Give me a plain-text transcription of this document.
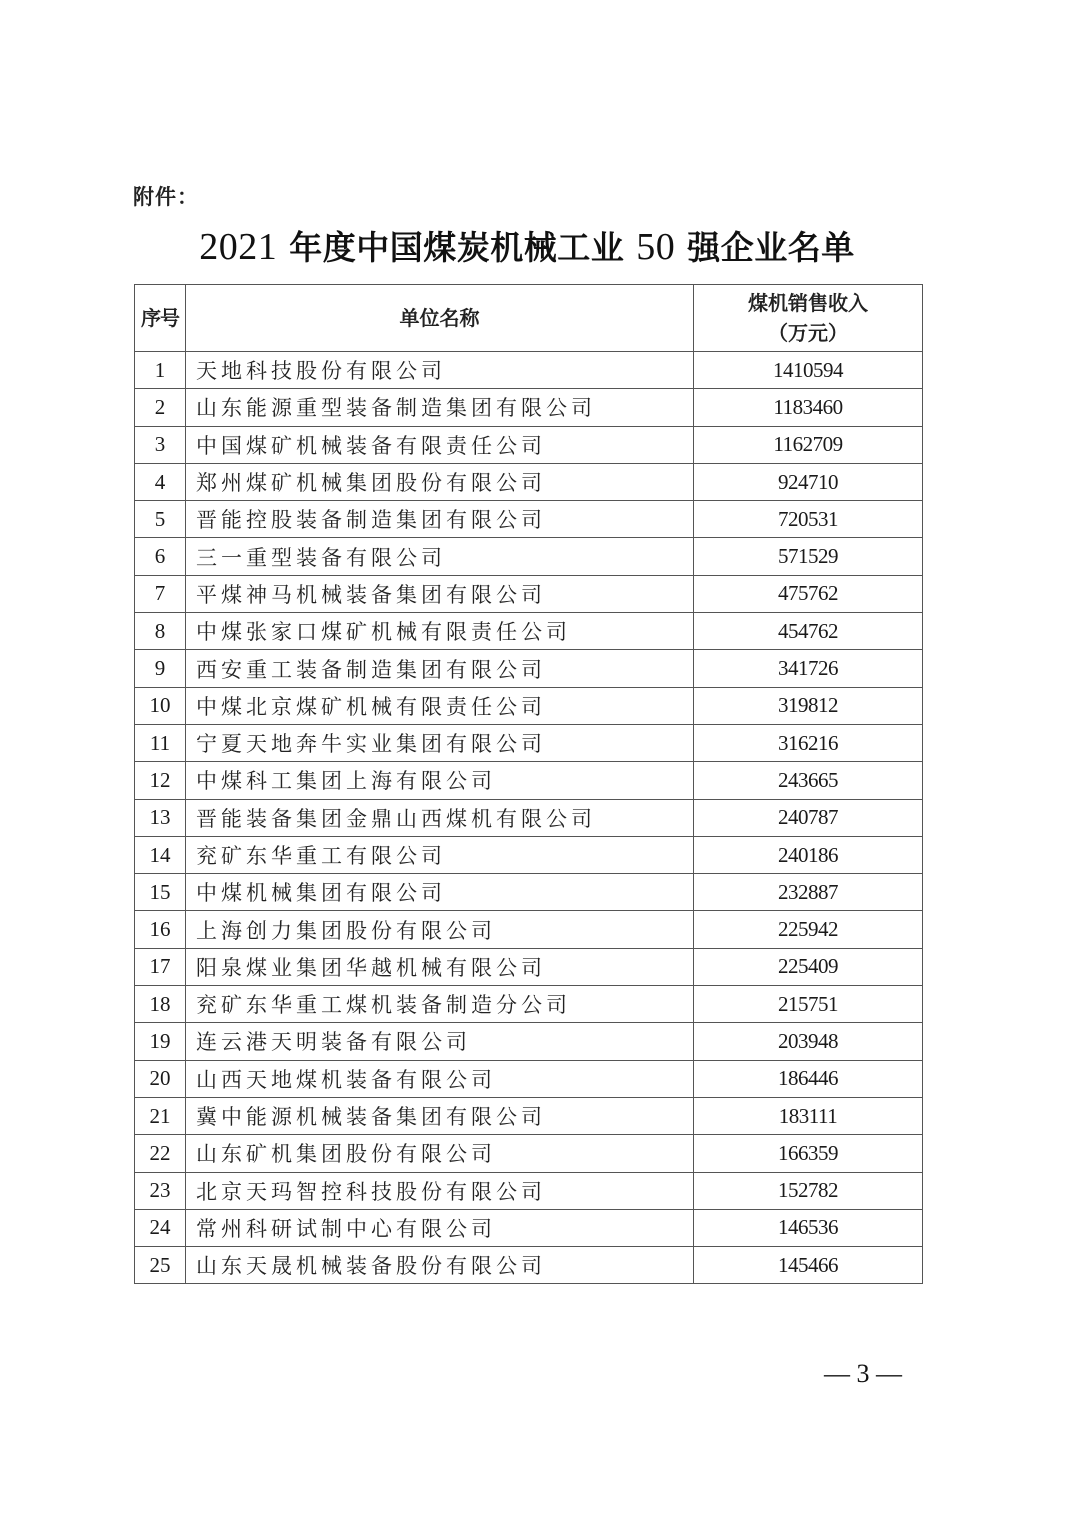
附件：
2021 年度中国煤炭机械工业 50 强企业名单
序号	单位名称	煤机销售收入
（万元）

1	天地科技股份有限公司	1410594
2	山东能源重型装备制造集团有限公司	1183460
3	中国煤矿机械装备有限责任公司	1162709
4	郑州煤矿机械集团股份有限公司	924710
5	晋能控股装备制造集团有限公司	720531
6	三一重型装备有限公司	571529
7	平煤神马机械装备集团有限公司	475762
8	中煤张家口煤矿机械有限责任公司	454762
9	西安重工装备制造集团有限公司	341726
10	中煤北京煤矿机械有限责任公司	319812
11	宁夏天地奔牛实业集团有限公司	316216
12	中煤科工集团上海有限公司	243665
13	晋能装备集团金鼎山西煤机有限公司	240787
14	兖矿东华重工有限公司	240186
15	中煤机械集团有限公司	232887
16	上海创力集团股份有限公司	225942
17	阳泉煤业集团华越机械有限公司	225409
18	兖矿东华重工煤机装备制造分公司	215751
19	连云港天明装备有限公司	203948
20	山西天地煤机装备有限公司	186446
21	冀中能源机械装备集团有限公司	183111
22	山东矿机集团股份有限公司	166359
23	北京天玛智控科技股份有限公司	152782
24	常州科研试制中心有限公司	146536
25	山东天晟机械装备股份有限公司	145466
— 3 —
